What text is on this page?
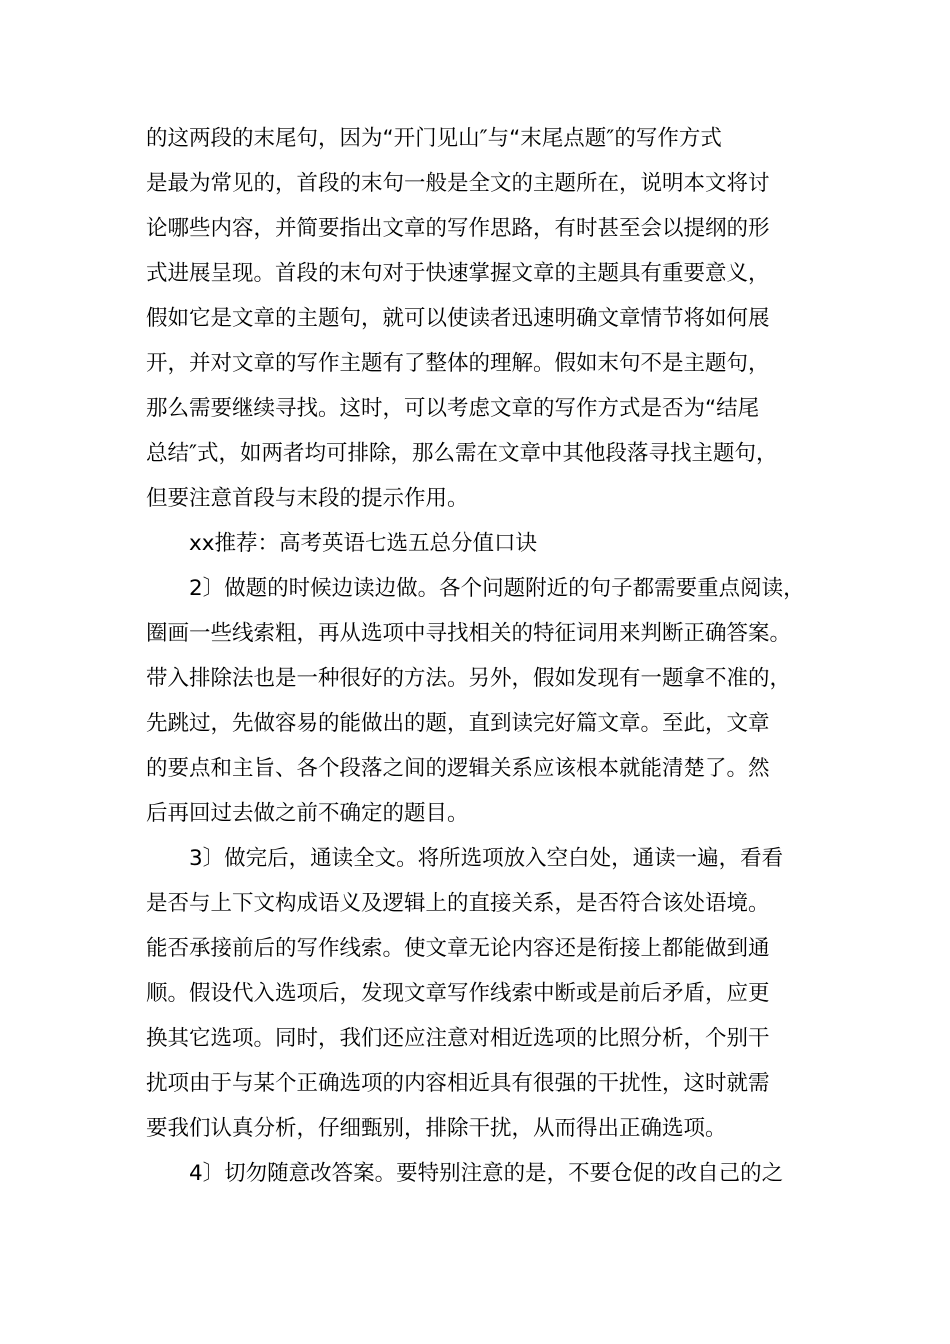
的这两段的末尾句，因为“开门见山″与“末尾点题″的写作方式
是最为常见的，首段的末句一般是全文的主题所在，说明本文将讨
论哪些内容，并简要指出文章的写作思路，有时甚至会以提纲的形
式进展呈现。首段的末句对于快速掌握文章的主题具有重要意义，
假如它是文章的主题句，就可以使读者迅速明确文章情节将如何展
开，并对文章的写作主题有了整体的理解。假如末句不是主题句，
那么需要继续寻找。这时，可以考虑文章的写作方式是否为“结尾
总结″式，如两者均可排除，那么需在文章中其他段落寻找主题句，
但要注意首段与末段的提示作用。
xx推荐：高考英语七选五总分值口诀
2〕做题的时候边读边做。各个问题附近的句子都需要重点阅读，
圈画一些线索粗，再从选项中寻找相关的特征词用来判断正确答案。
带入排除法也是一种很好的方法。另外，假如发现有一题拿不准的，
先跳过，先做容易的能做出的题，直到读完好篇文章。至此，文章
的要点和主旨、各个段落之间的逻辑关系应该根本就能清楚了。然
后再回过去做之前不确定的题目。
3〕做完后，通读全文。将所选项放入空白处，通读一遍，看看
是否与上下文构成语义及逻辑上的直接关系，是否符合该处语境。
能否承接前后的写作线索。使文章无论内容还是衔接上都能做到通
顺。假设代入选项后，发现文章写作线索中断或是前后矛盾，应更
换其它选项。同时，我们还应注意对相近选项的比照分析，个别干
扰项由于与某个正确选项的内容相近具有很强的干扰性，这时就需
要我们认真分析，仔细甄别，排除干扰，从而得出正确选项。
4〕切勿随意改答案。要特别注意的是，不要仓促的改自己的之
